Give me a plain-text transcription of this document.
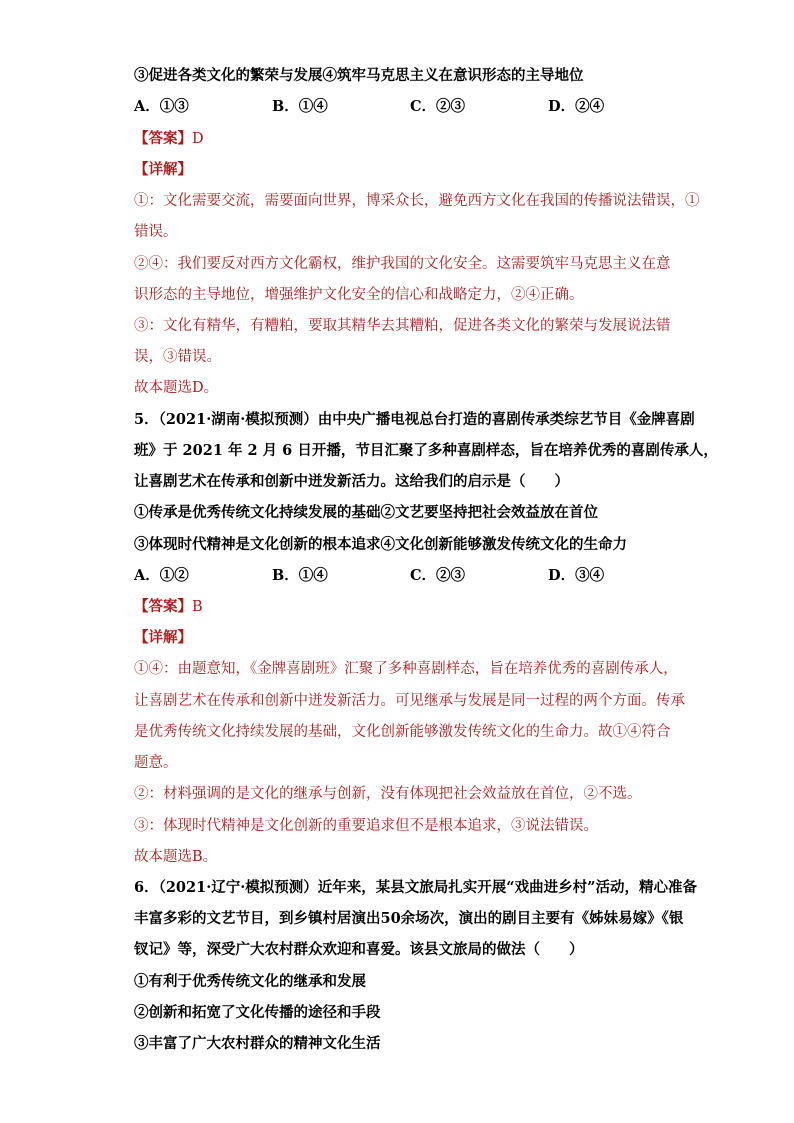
③促进各类文化的繁荣与发展④筑牢马克思主义在意识形态的主导地位
A．①③	B．①④	C．②③	D．②④
【答案】D
【详解】
①：文化需要交流，需要面向世界，博采众长，避免西方文化在我国的传播说法错误，①
错误。
②④：我们要反对西方文化霸权，维护我国的文化安全。这需要筑牢马克思主义在意
识形态的主导地位，增强维护文化安全的信心和战略定力，②④正确。
③：文化有精华，有糟粕，要取其精华去其糟粕，促进各类文化的繁荣与发展说法错
误，③错误。
故本题选D。
5．（2021·湖南·模拟预测）由中央广播电视总台打造的喜剧传承类综艺节目《金牌喜剧
班》于 2021 年 2 月 6 日开播，节目汇聚了多种喜剧样态，旨在培养优秀的喜剧传承人，
让喜剧艺术在传承和创新中迸发新活力。这给我们的启示是（　　）
①传承是优秀传统文化持续发展的基础②文艺要坚持把社会效益放在首位
③体现时代精神是文化创新的根本追求④文化创新能够激发传统文化的生命力
A．①②	B．①④	C．②③	D．③④
【答案】B
【详解】
①④：由题意知，《金牌喜剧班》汇聚了多种喜剧样态，旨在培养优秀的喜剧传承人，
让喜剧艺术在传承和创新中迸发新活力。可见继承与发展是同一过程的两个方面。传承
是优秀传统文化持续发展的基础，文化创新能够激发传统文化的生命力。故①④符合
题意。
②：材料强调的是文化的继承与创新，没有体现把社会效益放在首位，②不选。
③：体现时代精神是文化创新的重要追求但不是根本追求，③说法错误。
故本题选B。
6．（2021·辽宁·模拟预测）近年来，某县文旅局扎实开展“戏曲进乡村”活动，精心准备
丰富多彩的文艺节目，到乡镇村居演出50余场次，演出的剧目主要有《姊妹易嫁》《银
钗记》等，深受广大农村群众欢迎和喜爱。该县文旅局的做法（　　）
①有利于优秀传统文化的继承和发展
②创新和拓宽了文化传播的途径和手段
③丰富了广大农村群众的精神文化生活
